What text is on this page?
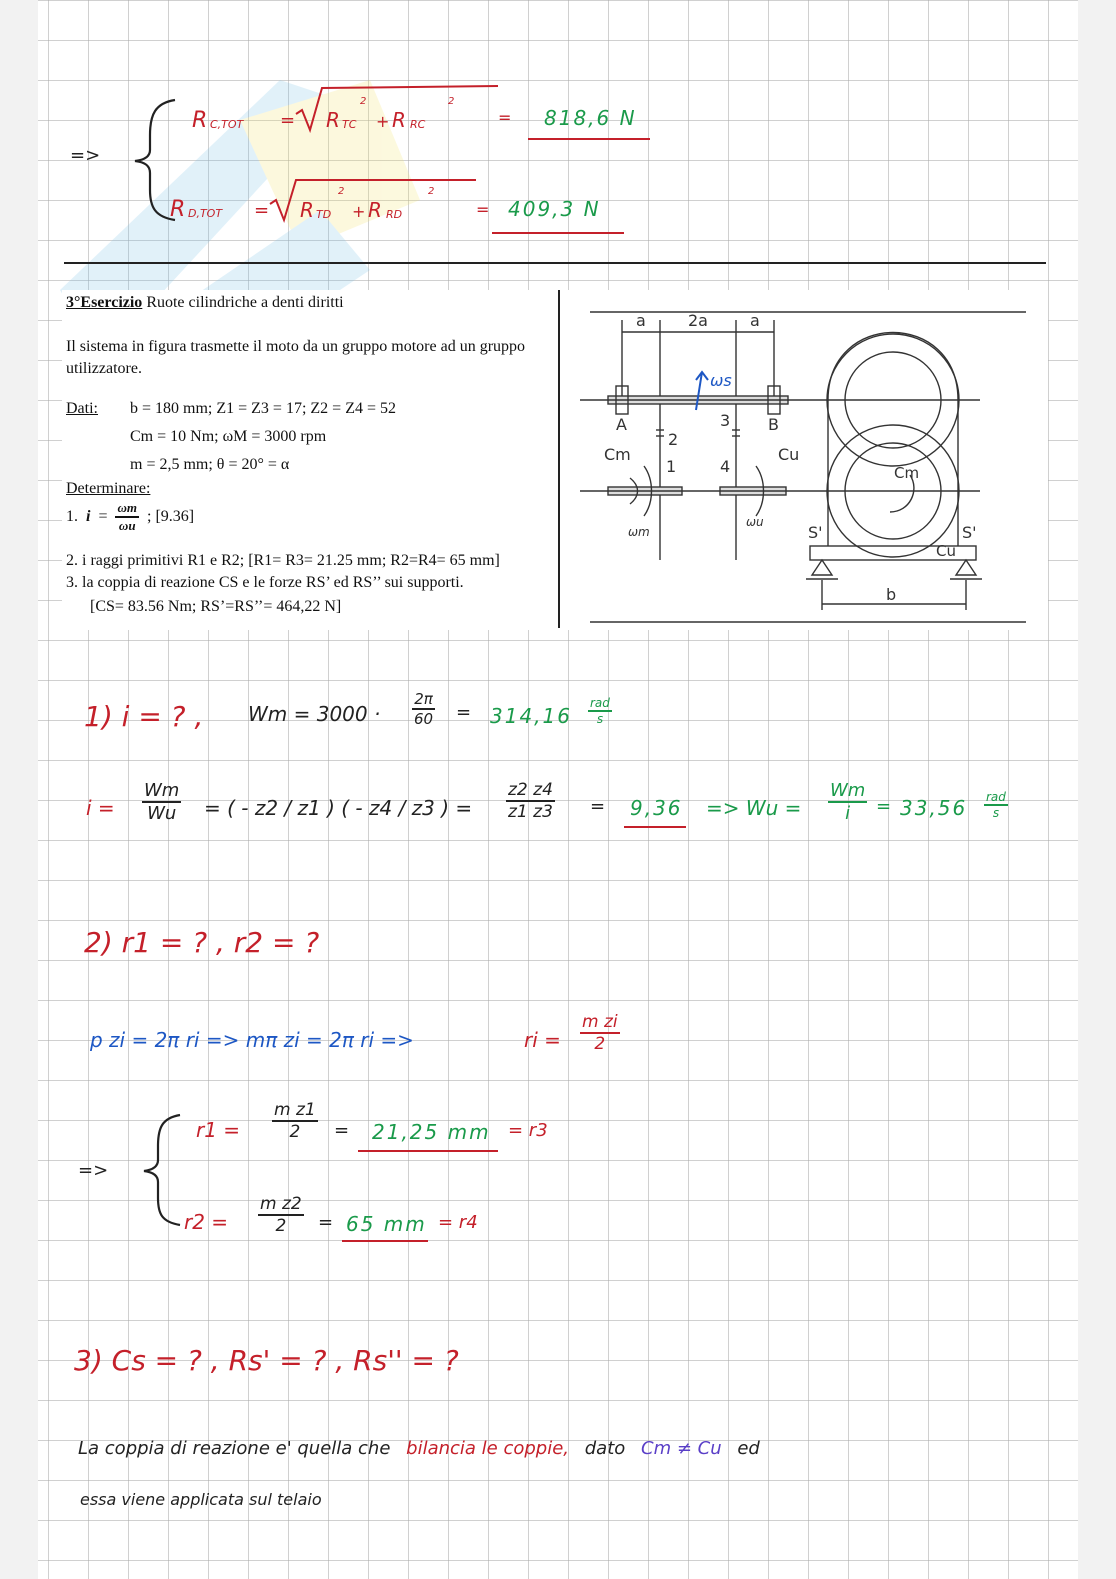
=>
R C,TOT = R TC
2
+ R RC
2
= 818,6 N
R D,TOT = R TD
2
+ R RD
2
= 409,3 N
3°Esercizio Ruote cilindriche a denti diritti
Il sistema in figura trasmette il moto da un gruppo motore ad un gruppo utilizzatore.
Dati: b = 180 mm; Z1 = Z3 = 17; Z2 = Z4 = 52
Cm = 10 Nm; ωM = 3000 rpm
m = 2,5 mm; θ = 20° = α
Determinare:
1. $i = \frac{\omega m}{\omega u}$ ; [9.36]
2. i raggi primitivi R1 e R2; [R1= R3= 21.25 mm; R2=R4= 65 mm]
3. la coppia di reazione CS e le forze RS’ ed RS’’ sui supporti.
[CS= 83.56 Nm; RS’=RS’’= 464,22 N]
a	2a	a
ωs
A	B
2
3
1	4
Cm	Cu
Cm
Cu
ωm
ωu
S'	S'
b
1) i = ? , $Wm = 3000 \cdot \frac{2\pi}{60} = 314,16$
rad
s
$i = \frac{Wm}{Wu}$ = ( - z2 / z1 ) ( - z4 / z3 ) = $\frac{z2 z4}{z1 z3} = 9,36 => Wu = \frac{Wm}{i} = 33,56$ rad
s
2) r1 = ? , r2 = ?
p zi = 2π ri => mπ zi = 2π ri =>	ri = $\frac{\text{m zi}}{2}$
=>
$r1 = \frac{\text{m z1}}{2} = 21,25$ mm = r3
$r2 = \frac{\text{m z2}}{2} = 65$ mm = r4
3) Cs = ? , Rs' = ? , Rs'' = ?
La coppia di reazione e' quella che bilancia le coppie, dato Cm ≠ Cu ed
essa viene applicata sul telaio
